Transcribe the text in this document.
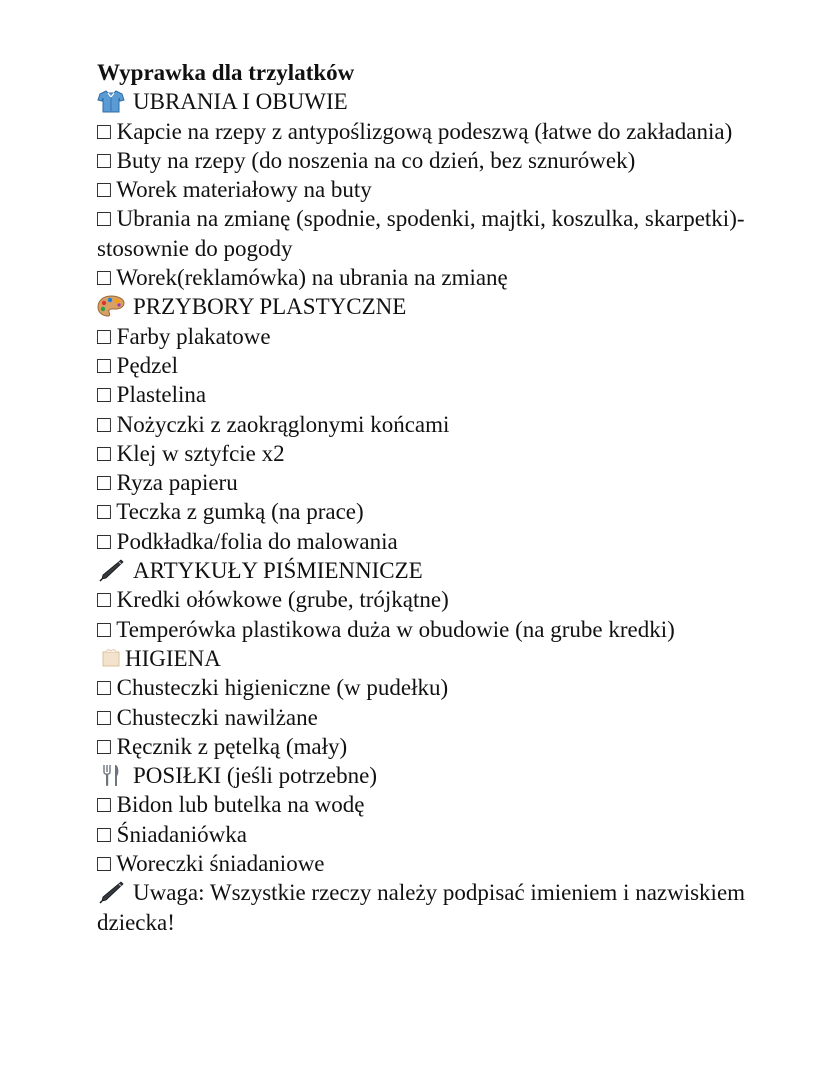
Wyprawka dla trzylatków
UBRANIA I OBUWIE
□ Kapcie na rzepy z antypoślizgową podeszwą (łatwe do zakładania)
□ Buty na rzepy (do noszenia na co dzień, bez sznurówek)
□ Worek materiałowy na buty
□ Ubrania na zmianę (spodnie, spodenki, majtki, koszulka, skarpetki)-stosownie do pogody
□ Worek(reklamówka) na ubrania na zmianę
PRZYBORY PLASTYCZNE
□ Farby plakatowe
□ Pędzel
□ Plastelina
□ Nożyczki z zaokrąglonymi końcami
□ Klej w sztyfcie x2
□ Ryza papieru
□ Teczka z gumką (na prace)
□ Podkładka/folia do malowania
ARTYKUŁY PIŚMIENNICZE
□ Kredki ołówkowe (grube, trójkątne)
□ Temperówka plastikowa duża w obudowie (na grube kredki)
HIGIENA
□ Chusteczki higieniczne (w pudełku)
□ Chusteczki nawilżane
□ Ręcznik z pętelką (mały)
POSIŁKI (jeśli potrzebne)
□ Bidon lub butelka na wodę
□ Śniadaniówka
□ Woreczki śniadaniowe
Uwaga: Wszystkie rzeczy należy podpisać imieniem i nazwiskiem dziecka!
